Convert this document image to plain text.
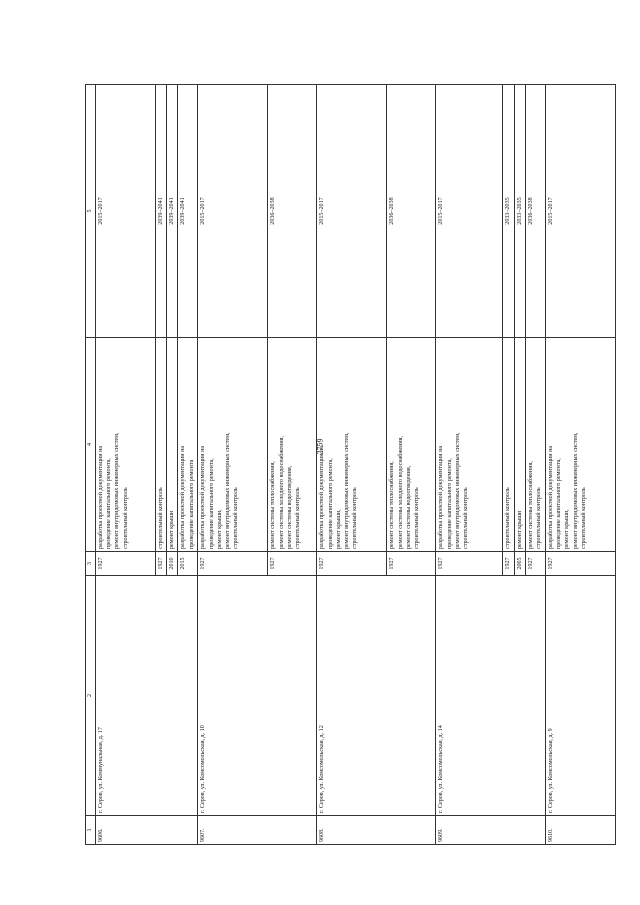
2759
1	2	3	4	5
9606.	г. Серов, ул. Коммунальная, д. 17	1927	разработка проектной документации на проведение капитального ремонта, ремонт внутридомовых инженерных систем, строительный контроль	2015–2017
		1927	строительный контроль	2039–2041
		2010	ремонт крыши	2039–2041
		2015	разработка проектной документации на проведение капитального ремонта	2039–2041
9607.	г. Серов, ул. Комсомольская, д. 10	1927	разработка проектной документации на проведение капитального ремонта, ремонт крыши, ремонт внутридомовых инженерных систем, строительный контроль	2015–2017
		1927	ремонт системы теплоснабжения, ремонт системы холодного водоснабжения, ремонт системы водоотведения, строительный контроль	2036–2038
9608.	г. Серов, ул. Комсомольская, д. 12	1927	разработка проектной документации на проведение капитального ремонта, ремонт крыши, ремонт внутридомовых инженерных систем, строительный контроль	2015–2017
		1927	ремонт системы теплоснабжения, ремонт системы холодного водоснабжения, ремонт системы водоотведения, строительный контроль	2036–2038
9609.	г. Серов, ул. Комсомольская, д. 14	1927	разработка проектной документации на проведение капитального ремонта, ремонт внутридомовых инженерных систем, строительный контроль	2015–2017
		1927	строительный контроль	2033–2035
		2005	ремонт крыши	2033–2035
		1927	ремонт системы теплоснабжения, строительный контроль	2036–2038
9610.	г. Серов, ул. Комсомольская, д. 9	1927	разработка проектной документации на проведение капитального ремонта, ремонт крыши, ремонт внутридомовых инженерных систем, строительный контроль	2015–2017
